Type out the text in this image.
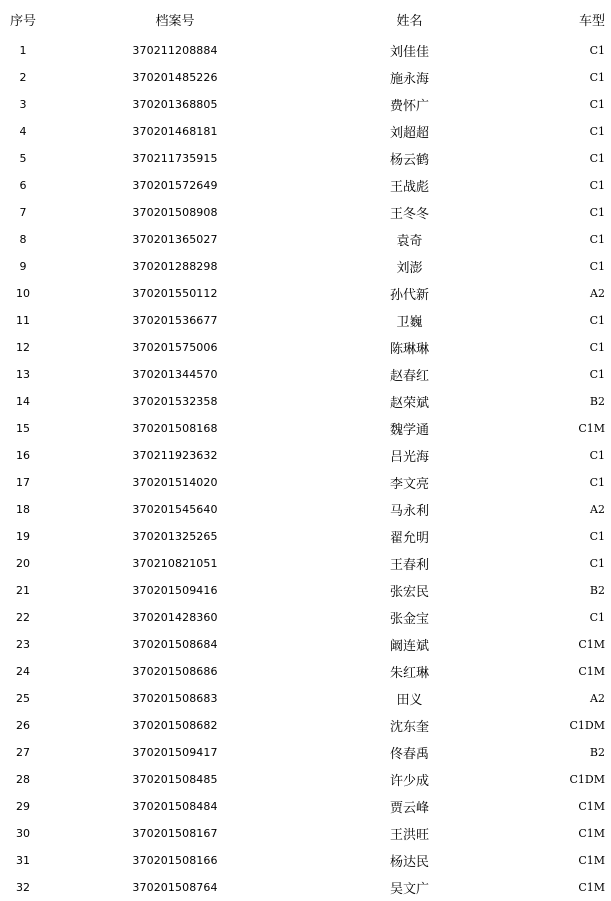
序号	档案号	姓名	车型
1	370211208884	刘佳佳	C1
2	370201485226	施永海	C1
3	370201368805	费怀广	C1
4	370201468181	刘超超	C1
5	370211735915	杨云鹤	C1
6	370201572649	王战彪	C1
7	370201508908	王冬冬	C1
8	370201365027	袁奇	C1
9	370201288298	刘澎	C1
10	370201550112	孙代新	A2
11	370201536677	卫巍	C1
12	370201575006	陈琳琳	C1
13	370201344570	赵春红	C1
14	370201532358	赵荣斌	B2
15	370201508168	魏学通	C1M
16	370211923632	吕光海	C1
17	370201514020	李文亮	C1
18	370201545640	马永利	A2
19	370201325265	翟允明	C1
20	370210821051	王春利	C1
21	370201509416	张宏民	B2
22	370201428360	张金宝	C1
23	370201508684	阚连斌	C1M
24	370201508686	朱红琳	C1M
25	370201508683	田义	A2
26	370201508682	沈东奎	C1DM
27	370201509417	佟春禹	B2
28	370201508485	许少成	C1DM
29	370201508484	贾云峰	C1M
30	370201508167	王洪旺	C1M
31	370201508166	杨达民	C1M
32	370201508764	吴文广	C1M
